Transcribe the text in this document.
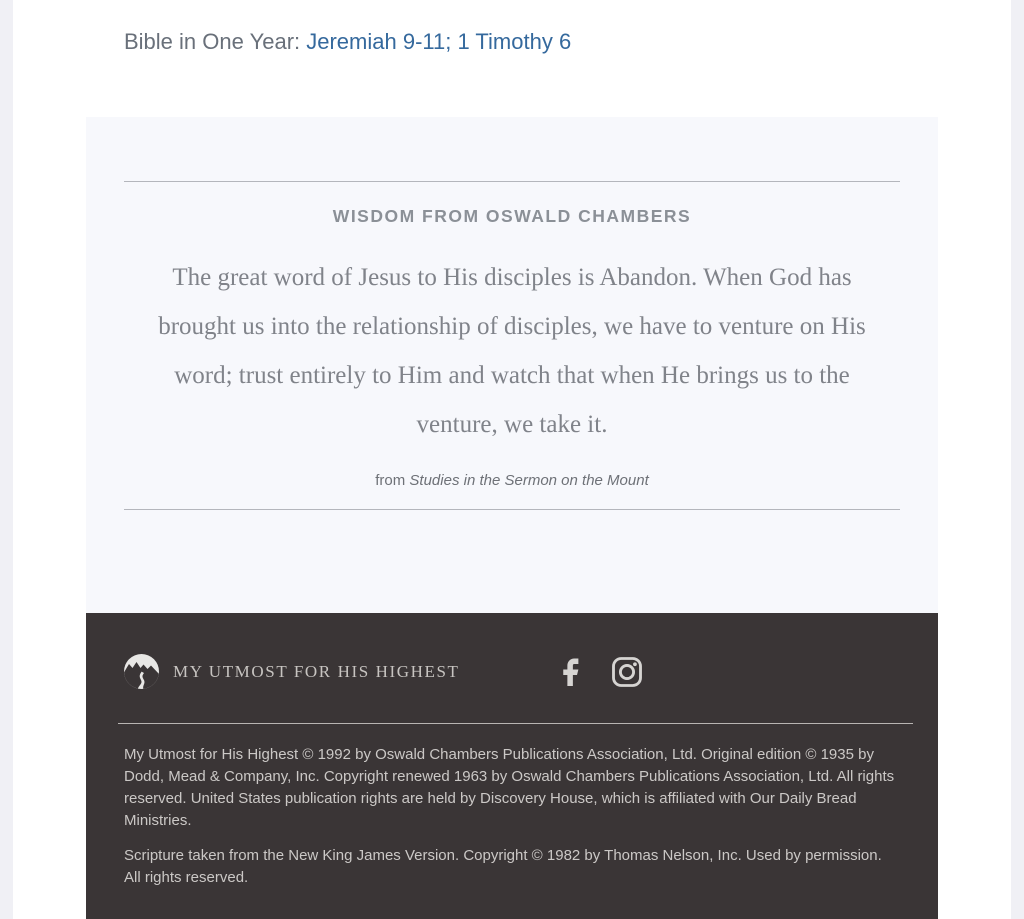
Bible in One Year: Jeremiah 9-11; 1 Timothy 6
WISDOM FROM OSWALD CHAMBERS
The great word of Jesus to His disciples is Abandon. When God has brought us into the relationship of disciples, we have to venture on His word; trust entirely to Him and watch that when He brings us to the venture, we take it.
from Studies in the Sermon on the Mount
MY UTMOST FOR HIS HIGHEST

My Utmost for His Highest © 1992 by Oswald Chambers Publications Association, Ltd. Original edition © 1935 by Dodd, Mead & Company, Inc. Copyright renewed 1963 by Oswald Chambers Publications Association, Ltd. All rights reserved. United States publication rights are held by Discovery House, which is affiliated with Our Daily Bread Ministries.

Scripture taken from the New King James Version. Copyright © 1982 by Thomas Nelson, Inc. Used by permission. All rights reserved.
